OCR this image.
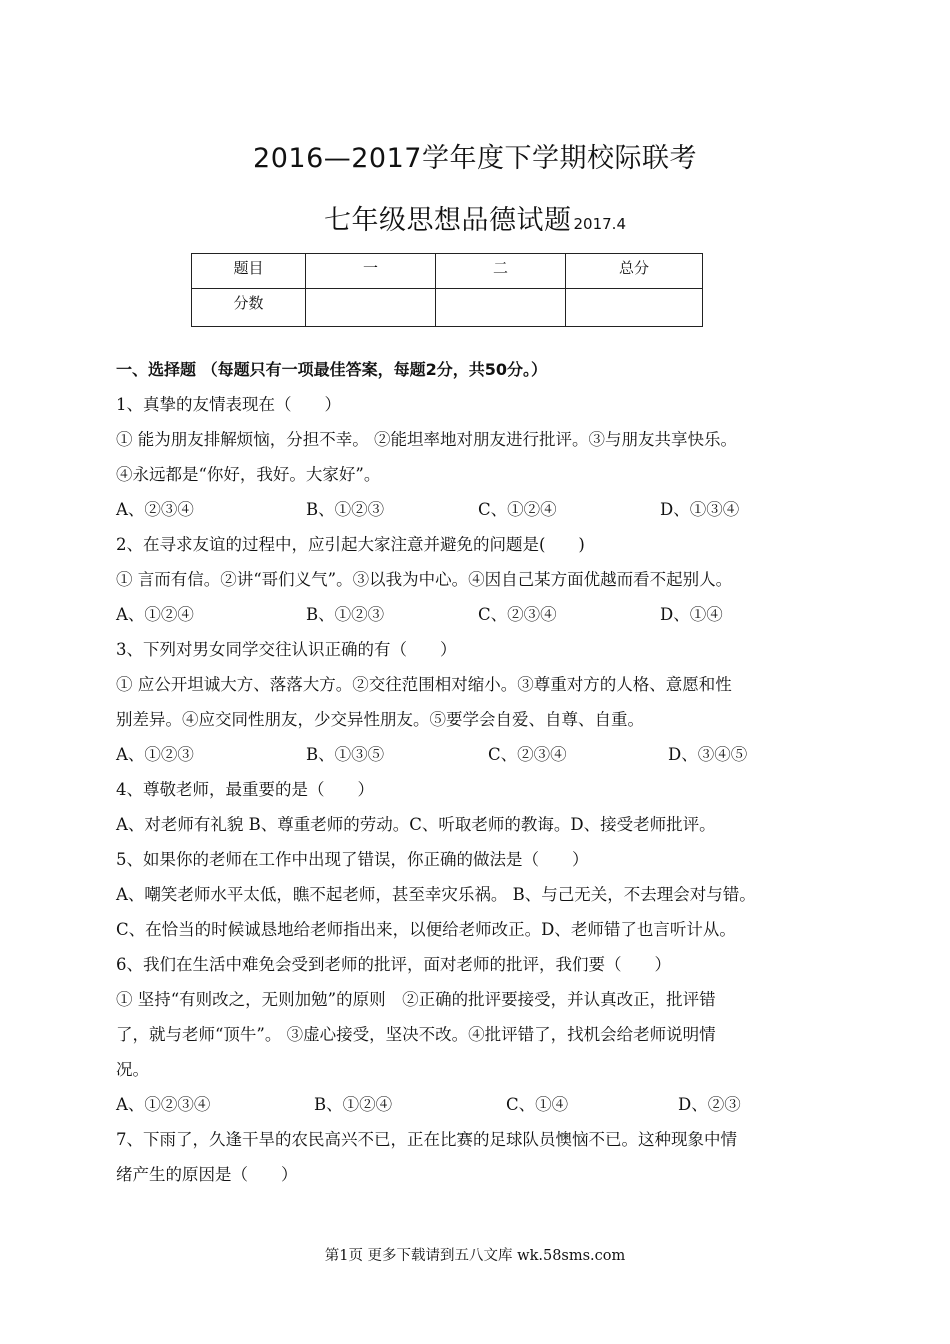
2016—2017学年度下学期校际联考
七年级思想品德试题 2017.4
题目	一	二	总分
分数			
一、选择题 （每题只有一项最佳答案，每题2分，共50分。）
1、真挚的友情表现在（　　）
① 能为朋友排解烦恼，分担不幸。 ②能坦率地对朋友进行批评。③与朋友共享快乐。
④永远都是“你好，我好。大家好”。
A、②③④	B、①②③	C、①②④	D、①③④
2、在寻求友谊的过程中，应引起大家注意并避免的问题是(　　)
① 言而有信。②讲“哥们义气”。③以我为中心。④因自己某方面优越而看不起别人。
A、①②④	B、①②③	C、②③④	D、①④
3、下列对男女同学交往认识正确的有（　　）
① 应公开坦诚大方、落落大方。②交往范围相对缩小。③尊重对方的人格、意愿和性
别差异。④应交同性朋友，少交异性朋友。⑤要学会自爱、自尊、自重。
A、①②③	B、①③⑤	C、②③④	D、③④⑤
4、尊敬老师，最重要的是（　　）
A、对老师有礼貌 B、尊重老师的劳动。C、听取老师的教诲。D、接受老师批评。
5、如果你的老师在工作中出现了错误，你正确的做法是（　　）
A、嘲笑老师水平太低，瞧不起老师，甚至幸灾乐祸。 B、与己无关，不去理会对与错。
C、在恰当的时候诚恳地给老师指出来，以便给老师改正。D、老师错了也言听计从。
6、我们在生活中难免会受到老师的批评，面对老师的批评，我们要（　　）
① 坚持“有则改之，无则加勉”的原则　②正确的批评要接受，并认真改正，批评错
了，就与老师“顶牛”。 ③虚心接受，坚决不改。④批评错了，找机会给老师说明情
况。
A、①②③④	B、①②④	C、①④	D、②③
7、下雨了，久逢干旱的农民高兴不已，正在比赛的足球队员懊恼不已。这种现象中情
绪产生的原因是（　　）
第1页 更多下载请到五八文库 wk.58sms.com
